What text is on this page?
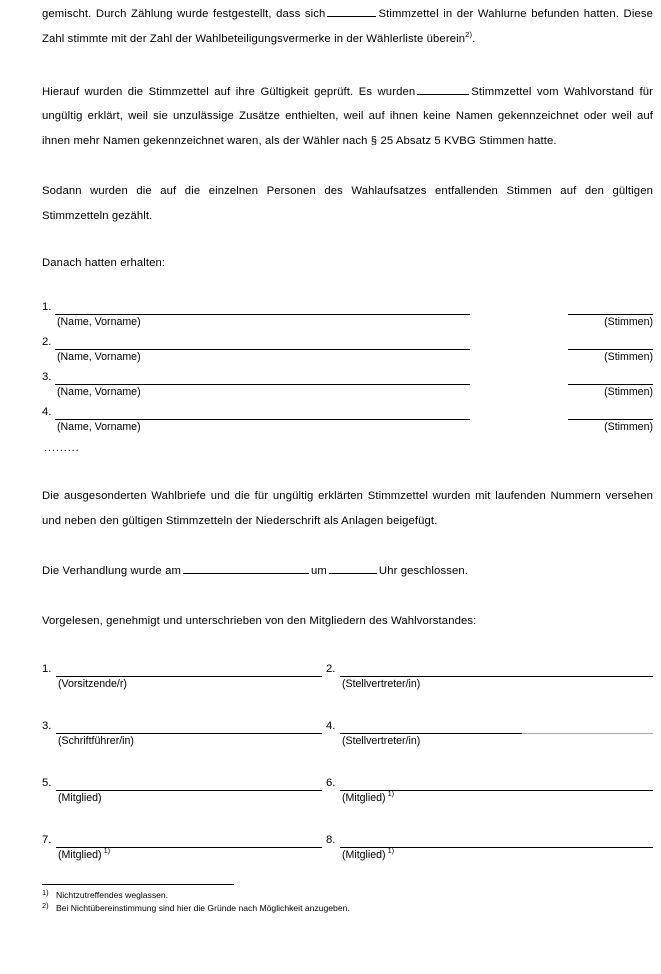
gemischt. Durch Zählung wurde festgestellt, dass sich	Stimmzettel in der Wahlurne befunden hatten. Diese Zahl stimmte mit der Zahl der Wahlbeteiligungsvermerke in der Wählerliste überein$^{2)}$.

Hierauf wurden die Stimmzettel auf ihre Gültigkeit geprüft. Es wurden	Stimmzettel vom Wahlvorstand für ungültig erklärt, weil sie unzulässige Zusätze enthielten, weil auf ihnen keine Namen gekennzeichnet oder weil auf ihnen mehr Namen gekennzeichnet waren, als der Wähler nach § 25 Absatz 5 KVBG Stimmen hatte.

Sodann wurden die auf die einzelnen Personen des Wahlaufsatzes entfallenden Stimmen auf den gültigen Stimmzetteln gezählt.

Danach hatten erhalten:

1.
(Name, Vorname)	(Stimmen)
2.
(Name, Vorname)	(Stimmen)
3.
(Name, Vorname)	(Stimmen)
4.
(Name, Vorname)	(Stimmen)
.........

Die ausgesonderten Wahlbriefe und die für ungültig erklärten Stimmzettel wurden mit laufenden Nummern versehen und neben den gültigen Stimmzetteln der Niederschrift als Anlagen beigefügt.

Die Verhandlung wurde am	um	Uhr geschlossen.

Vorgelesen, genehmigt und unterschrieben von den Mitgliedern des Wahlvorstandes:

1.
(Vorsitzende/r)
2.
(Stellvertreter/in)
3.
(Schriftführer/in)
4.
(Stellvertreter/in)
5.
(Mitglied)
6.
(Mitglied) $^{1)}$
7.
(Mitglied) $^{1)}$
8.
(Mitglied) $^{1)}$
1) Nichtzutreffendes weglassen.
2) Bei Nichtübereinstimmung sind hier die Gründe nach Möglichkeit anzugeben.
